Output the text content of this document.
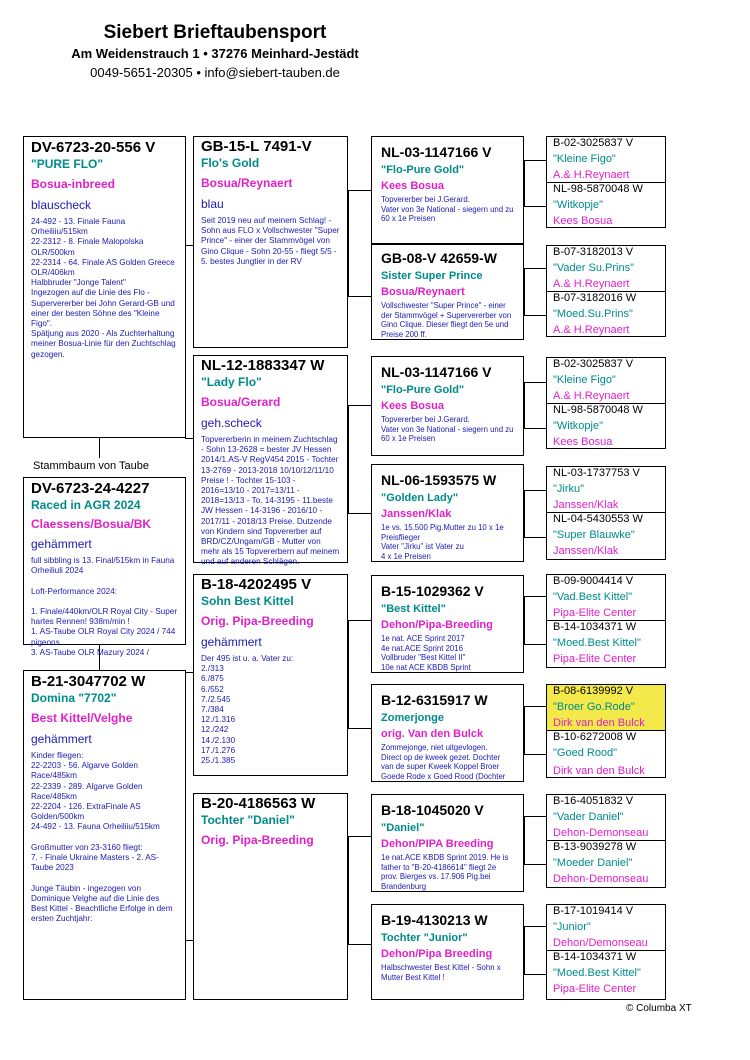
Siebert Brieftaubensport
Am Weidenstrauch 1 • 37276 Meinhard-Jestädt
0049-5651-20305 • info@siebert-tauben.de
DV-6723-20-556 V
"PURE FLO"
Bosua-inbreed
blauscheck
24-492 - 13. Finale Fauna Orheiliiu/515km
22-2312 - 8. Finale Malopolska OLR/500km
22-2314 - 64. Finale AS Golden Greece OLR/406km
Halbbruder "Jonge Talent"
Ingezogen auf die Linie des Flo - Supervererber bei John Gerard-GB und einer der besten Söhne des "Kleine Figo".
Spätjung aus 2020 - Als Zuchterhaltung meiner Bosua-Linie für den Zuchtschlag gezogen.
Stammbaum von Taube
DV-6723-24-4227
Raced in AGR 2024
Claessens/Bosua/BK
gehämmert
full sibbling is 13. Final/515km in Fauna Orheiliuli 2024

Loft-Performance 2024:

1. Finale/440km/OLR Royal City - Super hartes Rennen! 938m/min !
1. AS-Taube OLR Royal City 2024 / 744 pigeons
3. AS-Taube OLR Mazury 2024 /
B-21-3047702 W
Domina "7702"
Best Kittel/Velghe
gehämmert
Kinder fliegen:
22-2203 - 56. Algarve Golden Race/485km
22-2339 - 289. Algarve Golden Race/485km
22-2204 - 126. ExtraFinale AS Golden/500km
24-492 - 13. Fauna Orheiliiu/515km

Großmutter von 23-3160 fliegt:
7. - Finale Ukraine Masters - 2. AS-Taube 2023

Junge Täubin - ingezogen von Dominique Velghe auf die Linie des Best Kittel - Beachtliche Erfolge in dem ersten Zuchtjahr:
GB-15-L 7491-V
Flo's Gold
Bosua/Reynaert
blau
Seit 2019 neu auf meinem Schlag! - Sohn aus FLO x Vollschwester "Super Prince" - einer der Stammvögel von Gino Clique - Sohn 20-55 - fliegt 5/5 - 5. bestes Jungtier in der RV
NL-12-1883347 W
"Lady Flo"
Bosua/Gerard
geh.scheck
Topvererberin in meinem Zuchtschlag - Sohn 13-2628 = bester JV Hessen 2014/1.AS-V RegV454 2015 - Tochter 13-2769 - 2013-2018 10/10/12/11/10 Preise ! - Tochter 15-103 - 2016=13/10 - 2017=13/11 - 2018=13/13 - To. 14-3195 - 11.beste JW Hessen - 14-3196 - 2016/10 - 2017/11 - 2018/13 Preise. Dutzende von Kindern sind Topvererber auf BRD/CZ/Ungarn/GB - Mutter von mehr als 15 Topvererbern auf meinem und auf anderen Schlägen.
B-18-4202495 V
Sohn Best Kittel
Orig. Pipa-Breeding
gehämmert
Der 495 ist u. a. Vater zu:
2./313
6./875
6./552
7./2.545
7./384
12./1.316
12./242
14./2.130
17./1.276
25./1.385
B-20-4186563 W
Tochter "Daniel"
Orig. Pipa-Breeding
NL-03-1147166 V
"Flo-Pure Gold"
Kees Bosua
Topvererber bei J.Gerard.
Vater von 3e National - siegern und zu 60 x 1e Preisen
GB-08-V 42659-W
Sister Super Prince
Bosua/Reynaert
Vollschwester "Super Prince" - einer der Stammvögel + Supervererber von Gino Clique. Dieser fliegt den 5e und Preise 200 ff.
NL-03-1147166 V
"Flo-Pure Gold"
Kees Bosua
Topvererber bei J.Gerard.
Vater von 3e National - siegern und zu 60 x 1e Preisen
NL-06-1593575 W
"Golden Lady"
Janssen/Klak
1e vs. 15.500 Pig.Mutter zu 10 x 1e Preisflieger
Vater "Jirku" ist Vater zu
4 x 1e Preisen
B-15-1029362 V
"Best Kittel"
Dehon/Pipa-Breeding
1e nat. ACE Sprint 2017
4e nat.ACE Sprint 2016
Vollbruder "Best Kittel II"
10e nat ACE KBDB Sprint
B-12-6315917 W
Zomerjonge
orig. Van den Bulck
Zommejonge, niet uitgevlogen.
Direct op de kweek gezet. Dochter van de super Kweek Koppel Broer Goede Rode x Goed Rood (Dochter
B-18-1045020 V
"Daniel"
Dehon/PIPA Breeding
1e nat.ACE KBDB Sprint 2019. He is father to "B-20-4186614" fliegt 2e prov. Bierges vs. 17.906 Pig.bei Brandenburg
B-19-4130213 W
Tochter "Junior"
Dehon/Pipa Breeding
Halbschwester Best Kittel - Sohn x Mutter Best Kittel !
B-02-3025837 V
"Kleine Figo"
A.& H.Reynaert
NL-98-5870048 W
"Witkopje"
Kees Bosua
B-07-3182013 V
"Vader Su.Prins"
A.& H.Reynaert
B-07-3182016 W
"Moed.Su.Prins"
A.& H.Reynaert
B-02-3025837 V
"Kleine Figo"
A.& H.Reynaert
NL-98-5870048 W
"Witkopje"
Kees Bosua
NL-03-1737753 V
"Jirku"
Janssen/Klak
NL-04-5430553 W
"Super Blauwke"
Janssen/Klak
B-09-9004414 V
"Vad.Best Kittel"
Pipa-Elite Center
B-14-1034371 W
"Moed.Best Kittel"
Pipa-Elite Center
B-08-6139992 V
"Broer Go.Rode"
Dirk van den Bulck
B-10-6272008 W
"Goed Rood"
Dirk van den Bulck
B-16-4051832 V
"Vader Daniel"
Dehon-Demonseau
B-13-9039278 W
"Moeder Daniel"
Dehon-Demonseau
B-17-1019414 V
"Junior"
Dehon/Demonseau
B-14-1034371 W
"Moed.Best Kittel"
Pipa-Elite Center
© Columba XT
